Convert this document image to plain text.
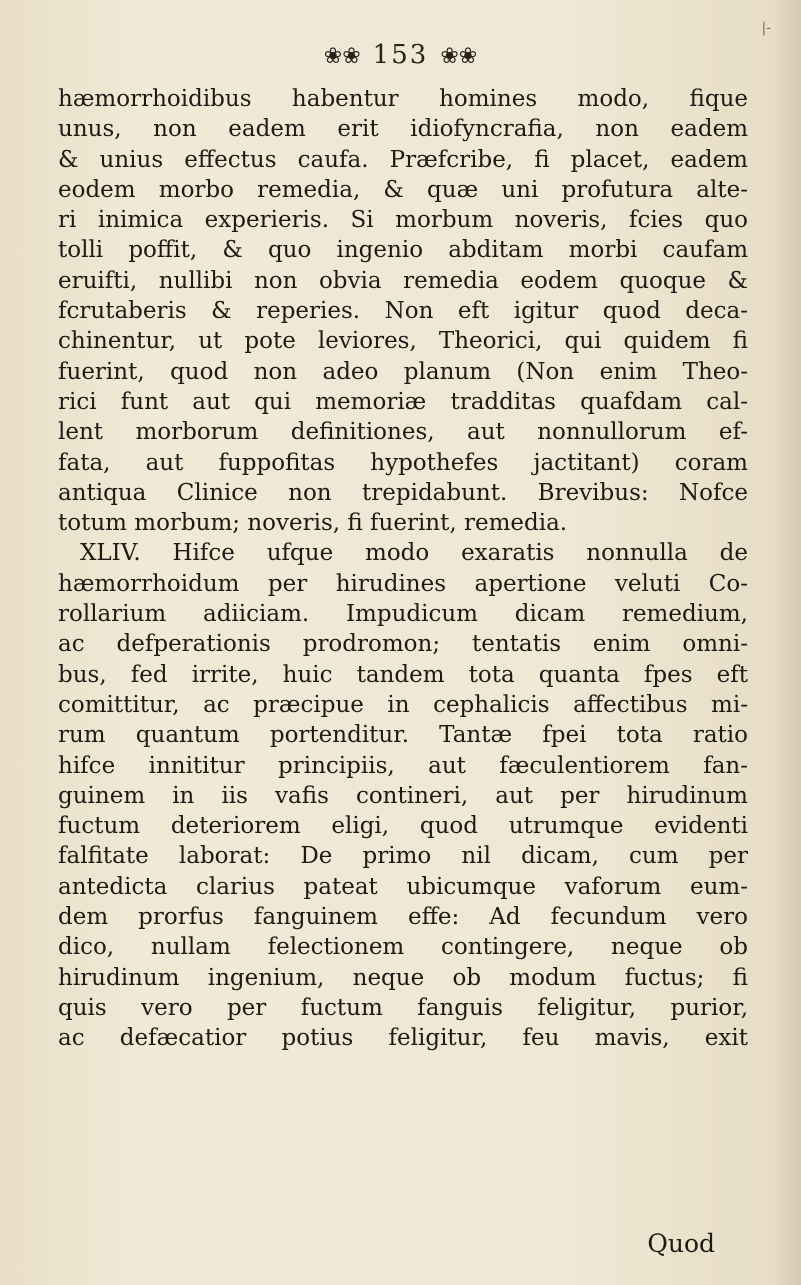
|-
❀❀ 153 ❀❀
hæmorrhoidibus habentur homines modo, fique
unus, non eadem erit idiofyncrafia, non eadem
& unius effectus caufa. Præfcribe, fi placet, eadem
eodem morbo remedia, & quæ uni profutura alte-
ri inimica experieris. Si morbum noveris, fcies quo
tolli poffit, & quo ingenio abditam morbi caufam
eruifti, nullibi non obvia remedia eodem quoque &
fcrutaberis & reperies. Non eft igitur quod deca-
chinentur, ut pote leviores, Theorici, qui quidem fi
fuerint, quod non adeo planum (Non enim Theo-
rici funt aut qui memoriæ tradditas quafdam cal-
lent morborum definitiones, aut nonnullorum ef-
fata, aut fuppofitas hypothefes jactitant) coram
antiqua Clinice non trepidabunt. Brevibus: Nofce
totum morbum; noveris, fi fuerint, remedia.
XLIV. Hifce ufque modo exaratis nonnulla de
hæmorrhoidum per hirudines apertione veluti Co-
rollarium adiiciam. Impudicum dicam remedium,
ac defperationis prodromon; tentatis enim omni-
bus, fed irrite, huic tandem tota quanta fpes eft
comittitur, ac præcipue in cephalicis affectibus mi-
rum quantum portenditur. Tantæ fpei tota ratio
hifce innititur principiis, aut fæculentiorem fan-
guinem in iis vafis contineri, aut per hirudinum
fuctum deteriorem eligi, quod utrumque evidenti
falfitate laborat: De primo nil dicam, cum per
antedicta clarius pateat ubicumque vaforum eum-
dem prorfus fanguinem effe: Ad fecundum vero
dico, nullam felectionem contingere, neque ob
hirudinum ingenium, neque ob modum fuctus; fi
quis vero per fuctum fanguis feligitur, purior,
ac defæcatior potius feligitur, feu mavis, exit
Quod
